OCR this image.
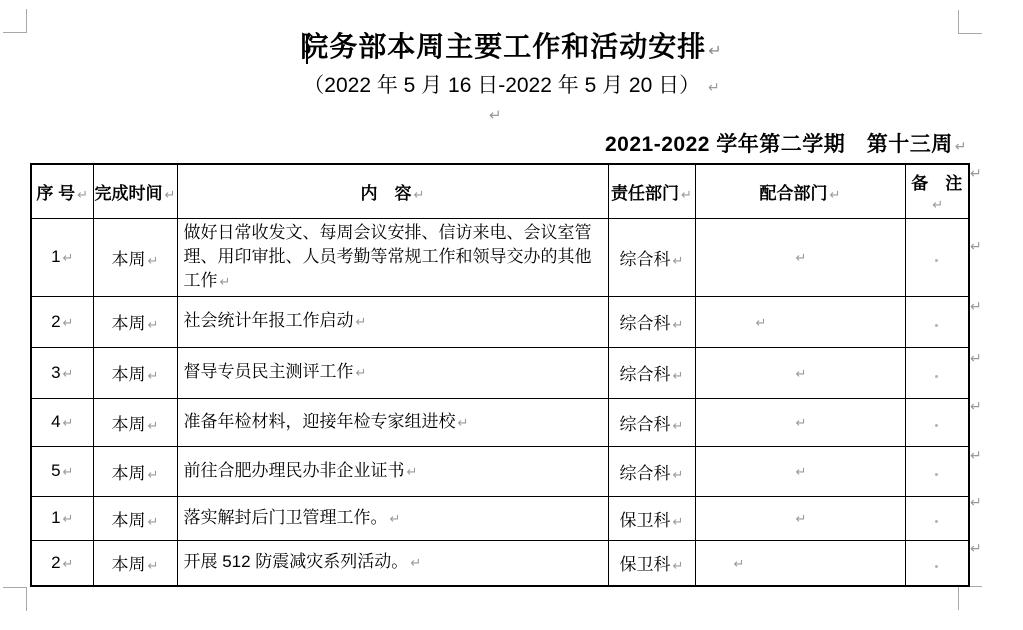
院务部本周主要工作和活动安排 ↵
（2022 年 5 月 16 日-2022 年 5 月 20 日） ↵
↵
2021-2022 学年第二学期　第十三周 ↵
序 号 ↵	完成时间 ↵	内　容 ↵	责任部门 ↵	配合部门 ↵	备　注↵
1 ↵	本周 ↵	做好日常收发文、每周会议安排、信访来电、会议室管理、用印审批、人员考勤等常规工作和领导交办的其他工作 ↵	综合科 ↵	↵	
2 ↵	本周 ↵	社会统计年报工作启动 ↵	综合科 ↵	↵	
3 ↵	本周 ↵	督导专员民主测评工作 ↵	综合科 ↵	↵	
4 ↵	本周 ↵	准备年检材料，迎接年检专家组进校 ↵	综合科 ↵	↵	
5 ↵	本周 ↵	前往合肥办理民办非企业证书 ↵	综合科 ↵	↵	
1 ↵	本周 ↵	落实解封后门卫管理工作。 ↵	保卫科 ↵	↵	
2 ↵	本周 ↵	开展 512 防震减灾系列活动。 ↵	保卫科 ↵	↵	
↵
↵
↵
↵
↵
↵
↵
↵
